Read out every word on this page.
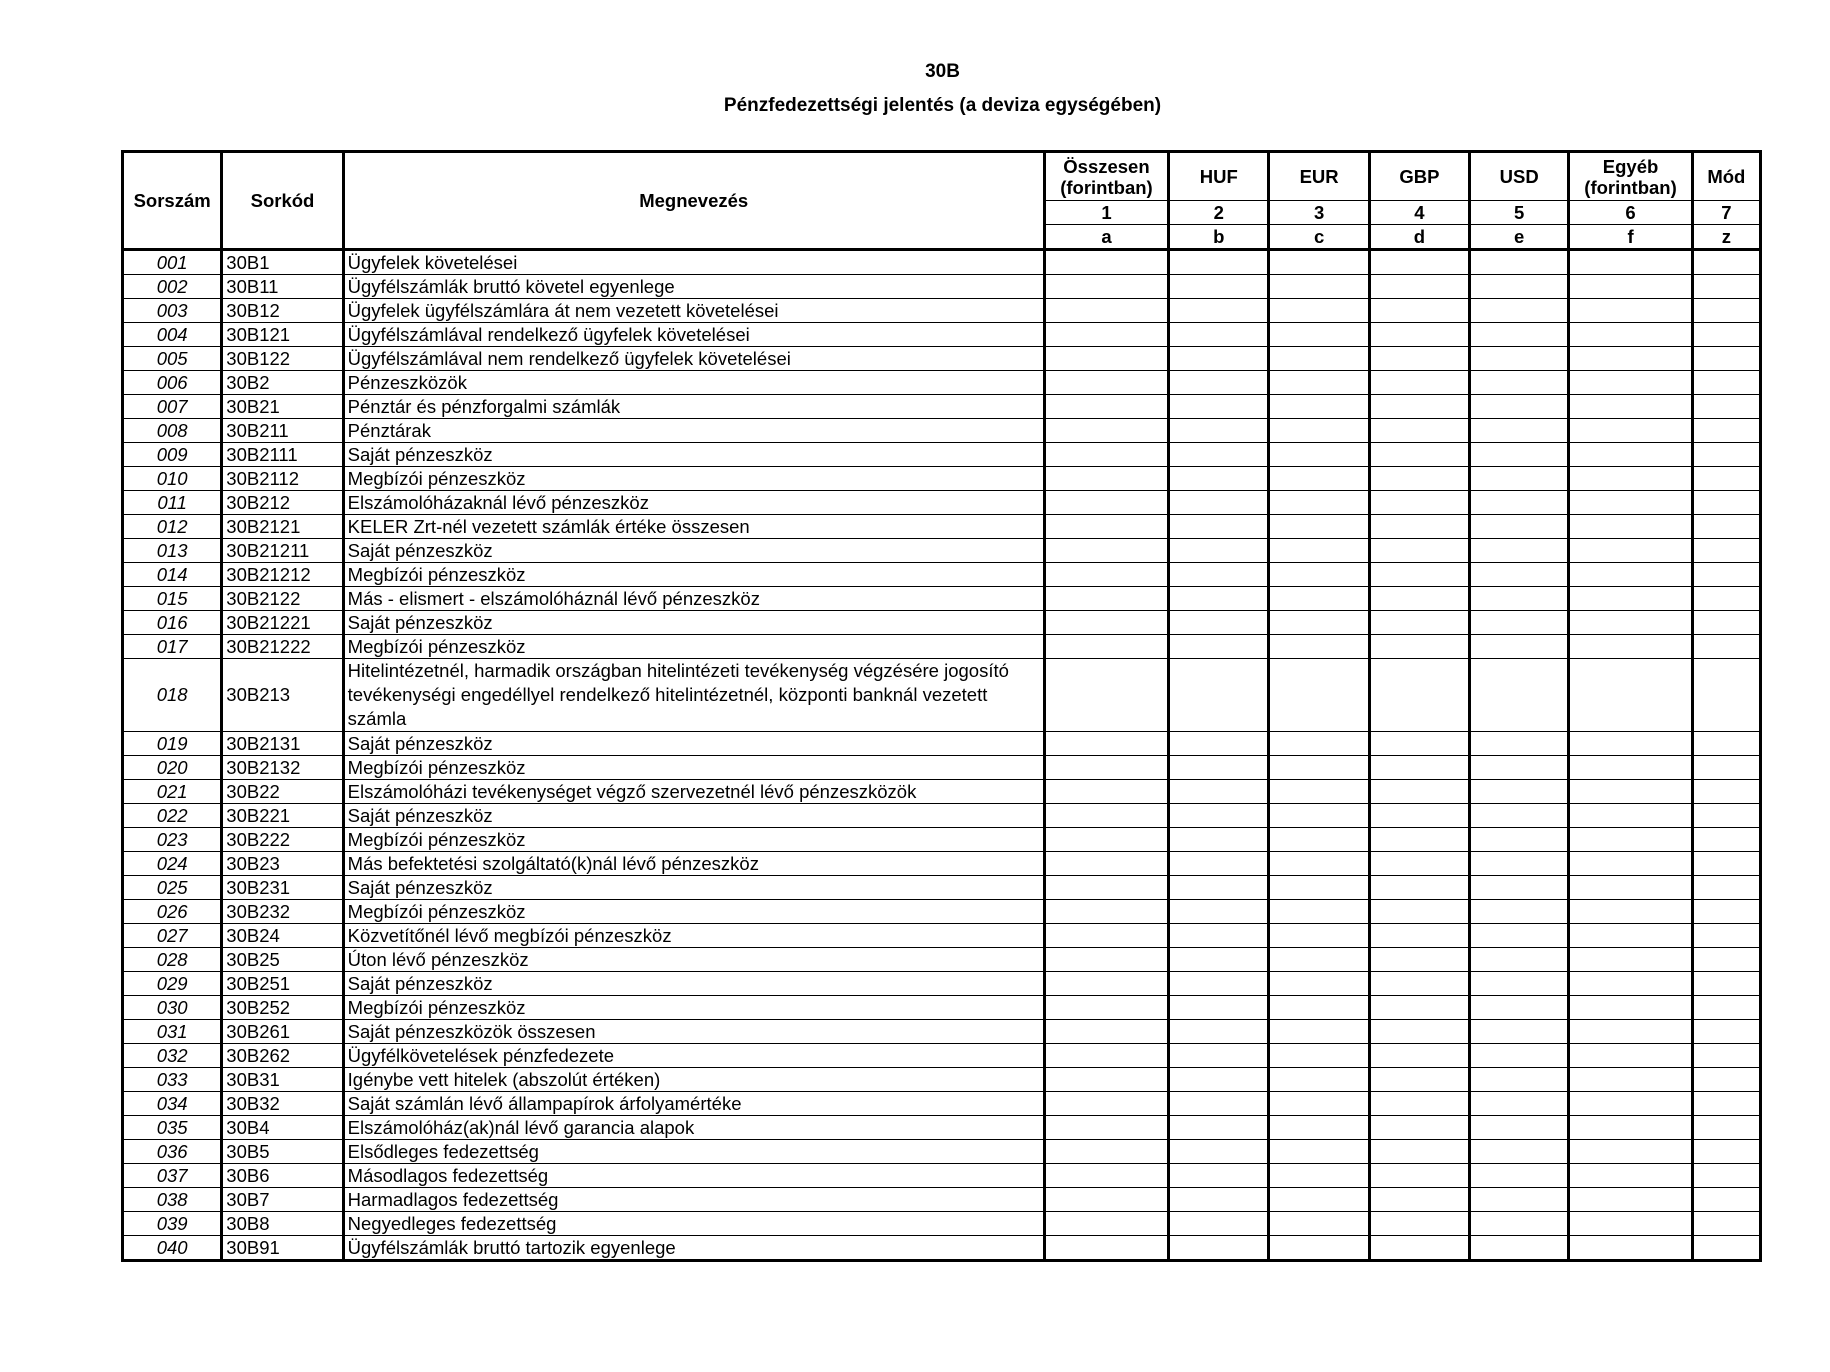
30B
Pénzfedezettségi jelentés (a deviza egységében)
Sorszám	Sorkód	Megnevezés	Összesen (forintban)	HUF	EUR	GBP	USD	Egyéb (forintban)	Mód
			1	2	3	4	5	6	7
			a	b	c	d	e	f	z
001	30B1	Ügyfelek követelései							
002	30B11	Ügyfélszámlák bruttó követel egyenlege							
003	30B12	Ügyfelek ügyfélszámlára át nem vezetett követelései							
004	30B121	Ügyfélszámlával rendelkező ügyfelek követelései							
005	30B122	Ügyfélszámlával nem rendelkező ügyfelek követelései							
006	30B2	Pénzeszközök							
007	30B21	Pénztár és pénzforgalmi számlák							
008	30B211	Pénztárak							
009	30B2111	Saját pénzeszköz							
010	30B2112	Megbízói pénzeszköz							
011	30B212	Elszámolóházaknál lévő pénzeszköz							
012	30B2121	KELER Zrt-nél vezetett számlák értéke összesen							
013	30B21211	Saját pénzeszköz							
014	30B21212	Megbízói pénzeszköz							
015	30B2122	Más - elismert - elszámolóháznál lévő pénzeszköz							
016	30B21221	Saját pénzeszköz							
017	30B21222	Megbízói pénzeszköz							
018	30B213	Hitelintézetnél, harmadik országban hitelintézeti tevékenység végzésére jogosító tevékenységi engedéllyel rendelkező hitelintézetnél, központi banknál vezetett számla							
019	30B2131	Saját pénzeszköz							
020	30B2132	Megbízói pénzeszköz							
021	30B22	Elszámolóházi tevékenységet végző szervezetnél lévő pénzeszközök							
022	30B221	Saját pénzeszköz							
023	30B222	Megbízói pénzeszköz							
024	30B23	Más befektetési szolgáltató(k)nál lévő pénzeszköz							
025	30B231	Saját pénzeszköz							
026	30B232	Megbízói pénzeszköz							
027	30B24	Közvetítőnél lévő megbízói pénzeszköz							
028	30B25	Úton lévő pénzeszköz							
029	30B251	Saját pénzeszköz							
030	30B252	Megbízói pénzeszköz							
031	30B261	Saját pénzeszközök összesen							
032	30B262	Ügyfélkövetelések pénzfedezete							
033	30B31	Igénybe vett hitelek (abszolút értéken)							
034	30B32	Saját számlán lévő állampapírok árfolyamértéke							
035	30B4	Elszámolóház(ak)nál lévő garancia alapok							
036	30B5	Elsődleges fedezettség							
037	30B6	Másodlagos fedezettség							
038	30B7	Harmadlagos fedezettség							
039	30B8	Negyedleges fedezettség							
040	30B91	Ügyfélszámlák bruttó tartozik egyenlege							
